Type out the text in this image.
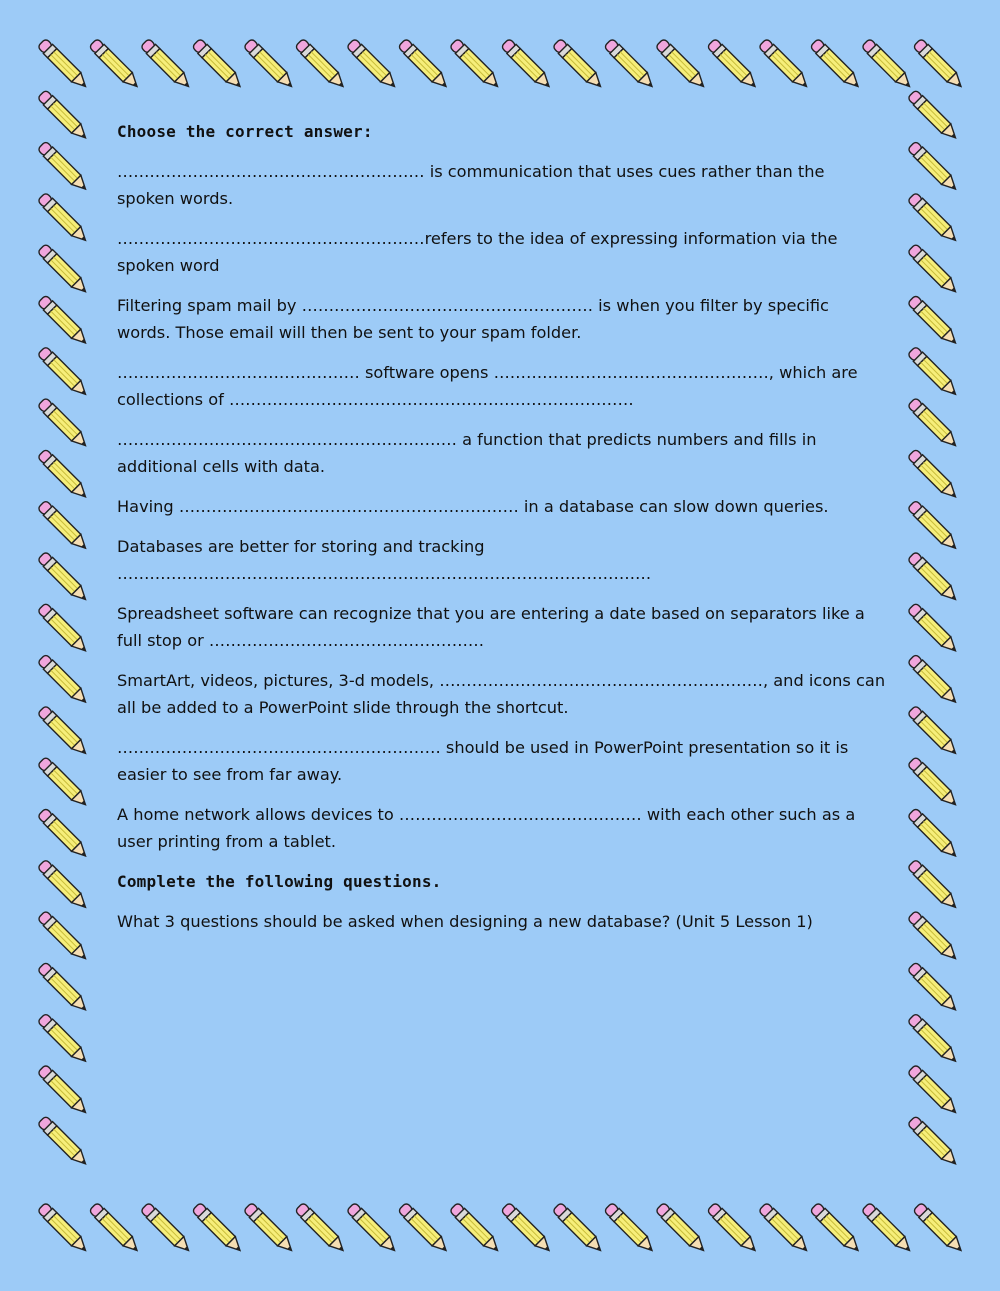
Choose the correct answer:

………………………………………………… is communication that uses cues rather than the spoken words.

…………………………………………………refers to the idea of expressing information via the spoken word

Filtering spam mail by ……………………………………………… is when you filter by specific words. Those email will then be sent to your spam folder.

……………………………………… software opens ……………………………………………, which are collections of …………………………………………………………………

……………………………………………………… a function that predicts numbers and fills in additional cells with data.

Having ……………………………………………………… in a database can slow down queries.

Databases are better for storing and tracking ………………………………………………………………………………………

Spreadsheet software can recognize that you are entering a date based on separators like a full stop or ……………………………………………

SmartArt, videos, pictures, 3-d models, ……………………………………………………, and icons can all be added to a PowerPoint slide through the shortcut.

…………………………………………………… should be used in PowerPoint presentation so it is easier to see from far away.

A home network allows devices to ……………………………………… with each other such as a user printing from a tablet.

Complete the following questions.

What 3 questions should be asked when designing a new database? (Unit 5 Lesson 1)
